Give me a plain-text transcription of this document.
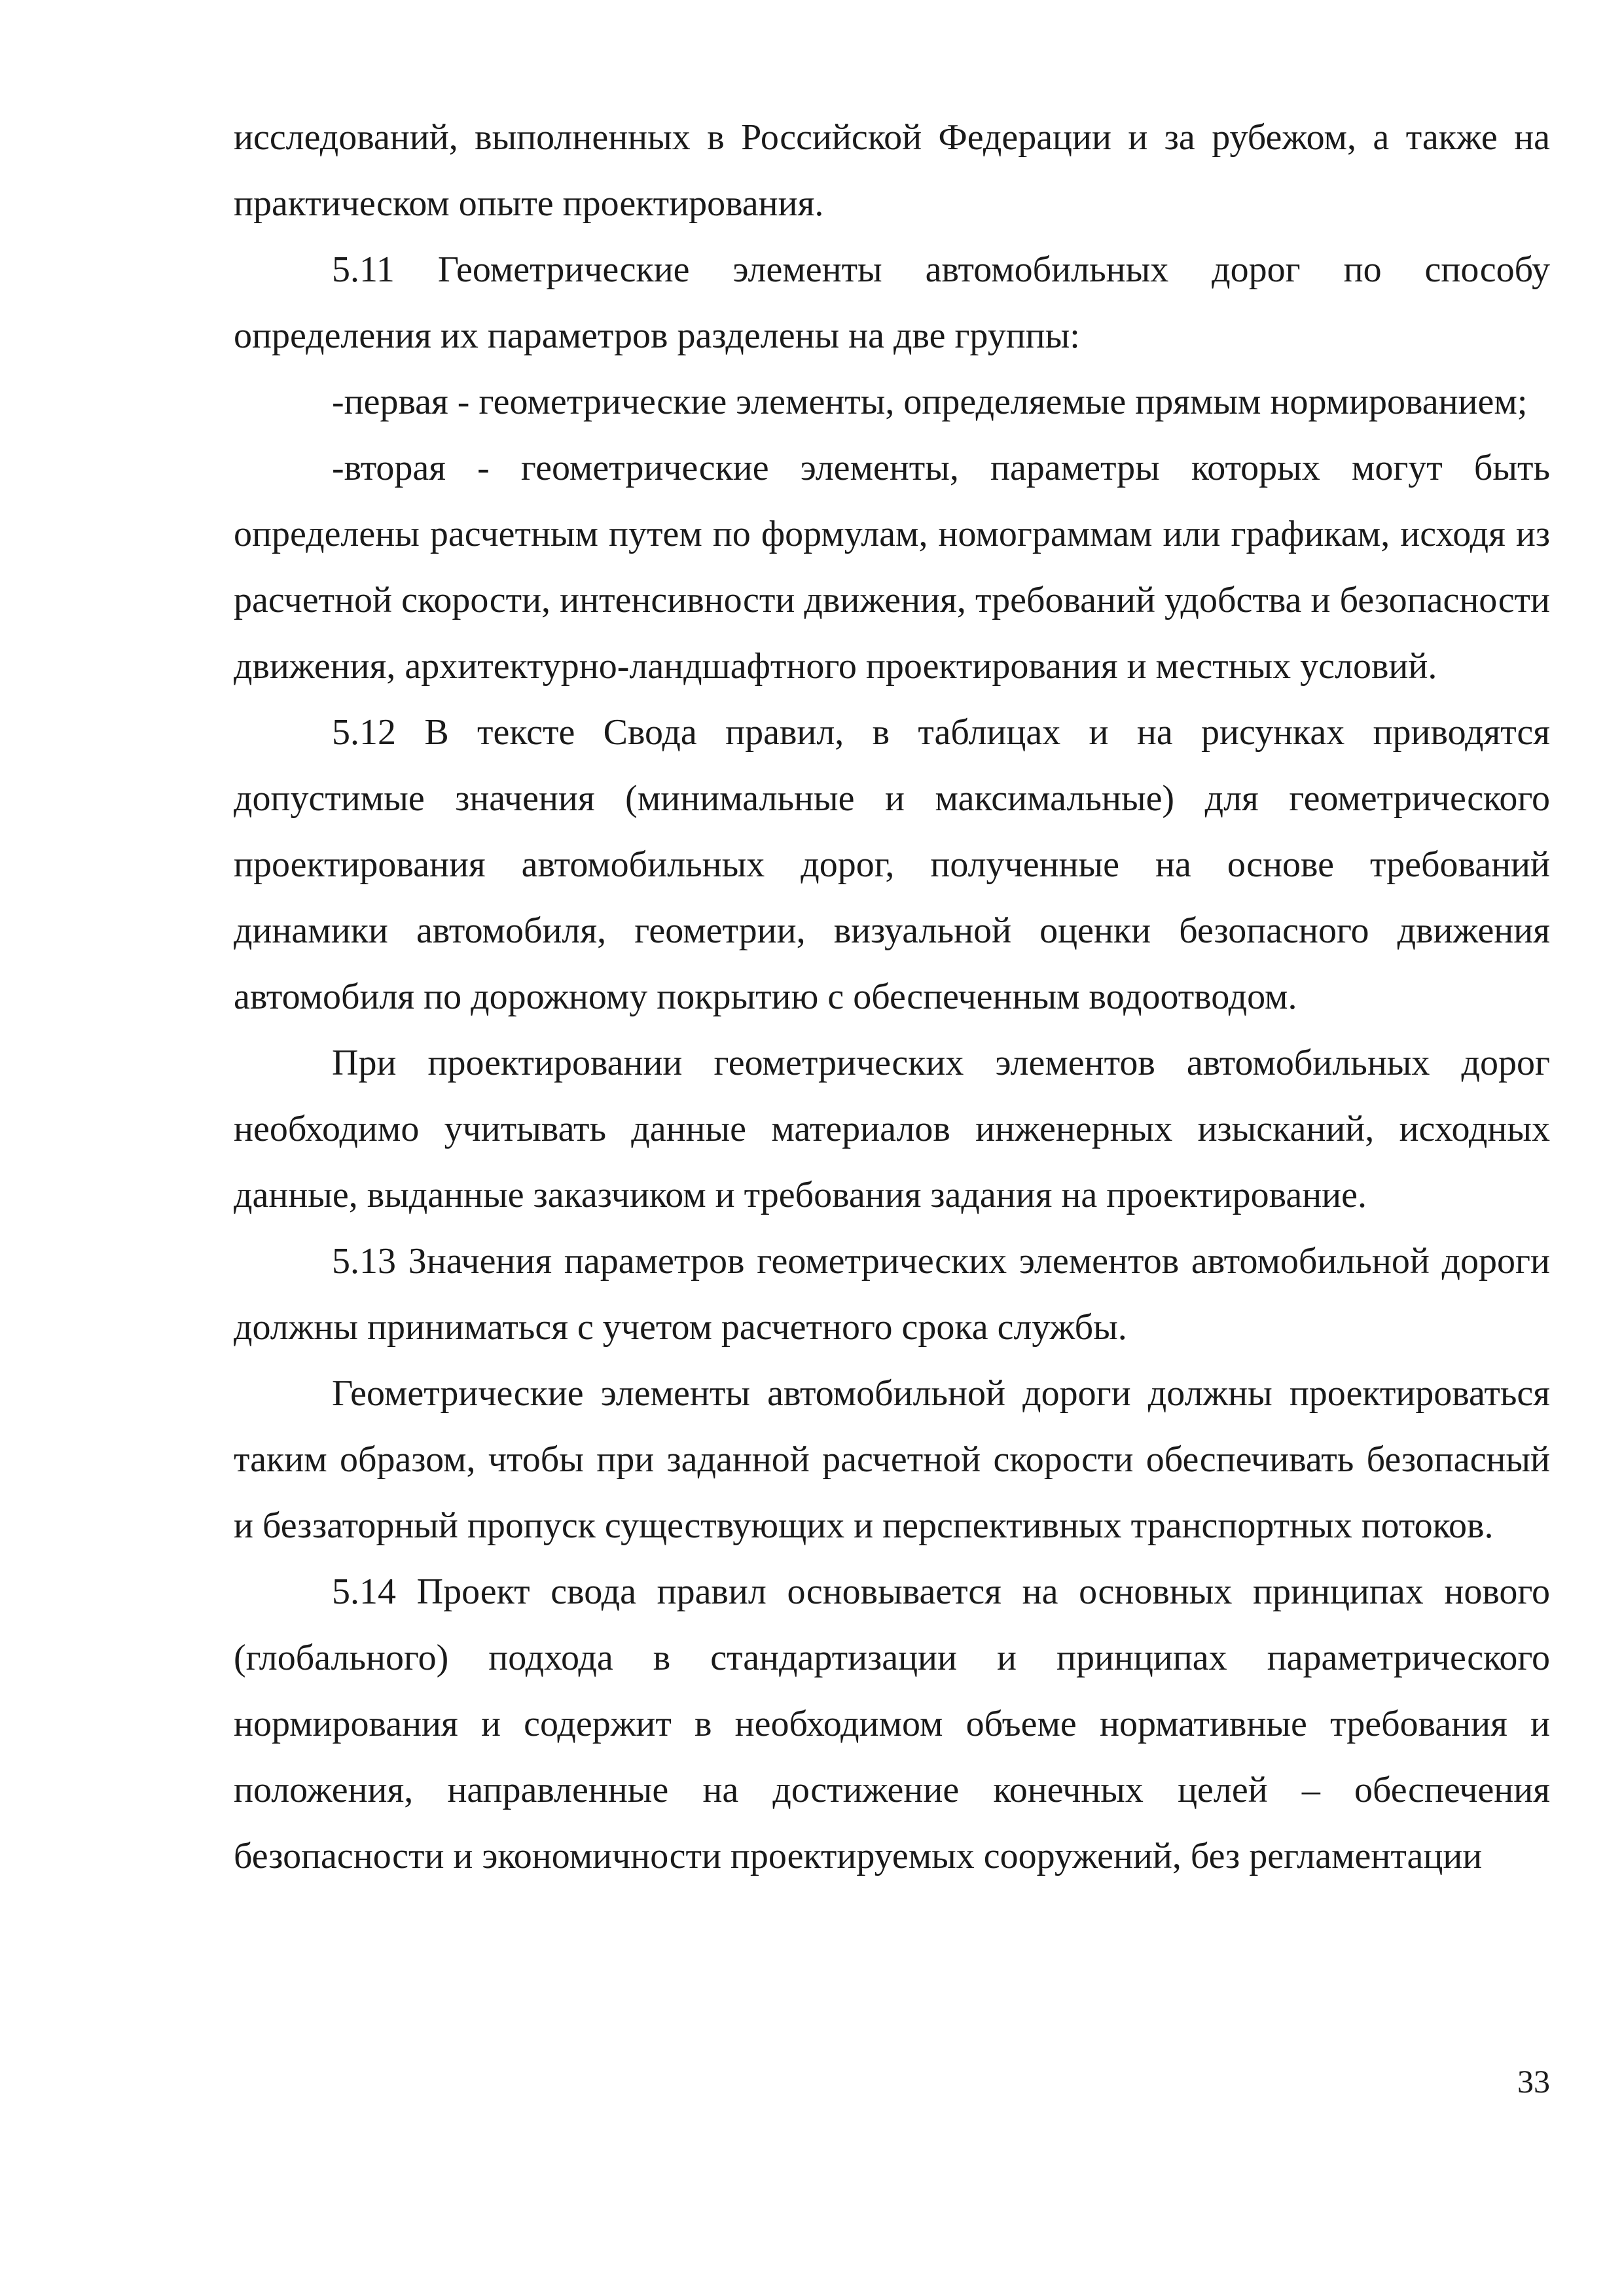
исследований, выполненных в Российской Федерации и за рубежом, а также на практическом опыте проектирования.

5.11 Геометрические элементы автомобильных дорог по способу определения их параметров разделены на две группы:

-первая - геометрические элементы, определяемые прямым нормированием;

-вторая - геометрические элементы, параметры которых могут быть определены расчетным путем по формулам, номограммам или графикам, исходя из расчетной скорости, интенсивности движения, требований удобства и безопасности движения, архитектурно-ландшафтного проектирования и местных условий.

5.12 В тексте Свода правил, в таблицах и на рисунках приводятся допустимые значения (минимальные и максимальные) для геометрического проектирования автомобильных дорог, полученные на основе требований динамики автомобиля, геометрии, визуальной оценки безопасного движения автомобиля по дорожному покрытию с обеспеченным водоотводом.

При проектировании геометрических элементов автомобильных дорог необходимо учитывать данные материалов инженерных изысканий, исходных данные, выданные заказчиком и требования задания на проектирование.

5.13 Значения параметров геометрических элементов автомобильной дороги должны приниматься с учетом расчетного срока службы.

Геометрические элементы автомобильной дороги должны проектироваться таким образом, чтобы при заданной расчетной скорости обеспечивать безопасный и беззаторный пропуск существующих и перспективных транспортных потоков.

5.14 Проект свода правил основывается на основных принципах нового (глобального) подхода в стандартизации и принципах параметрического нормирования и содержит в необходимом объеме нормативные требования и положения, направленные на достижение конечных целей – обеспечения безопасности и экономичности проектируемых сооружений, без регламентации

33
